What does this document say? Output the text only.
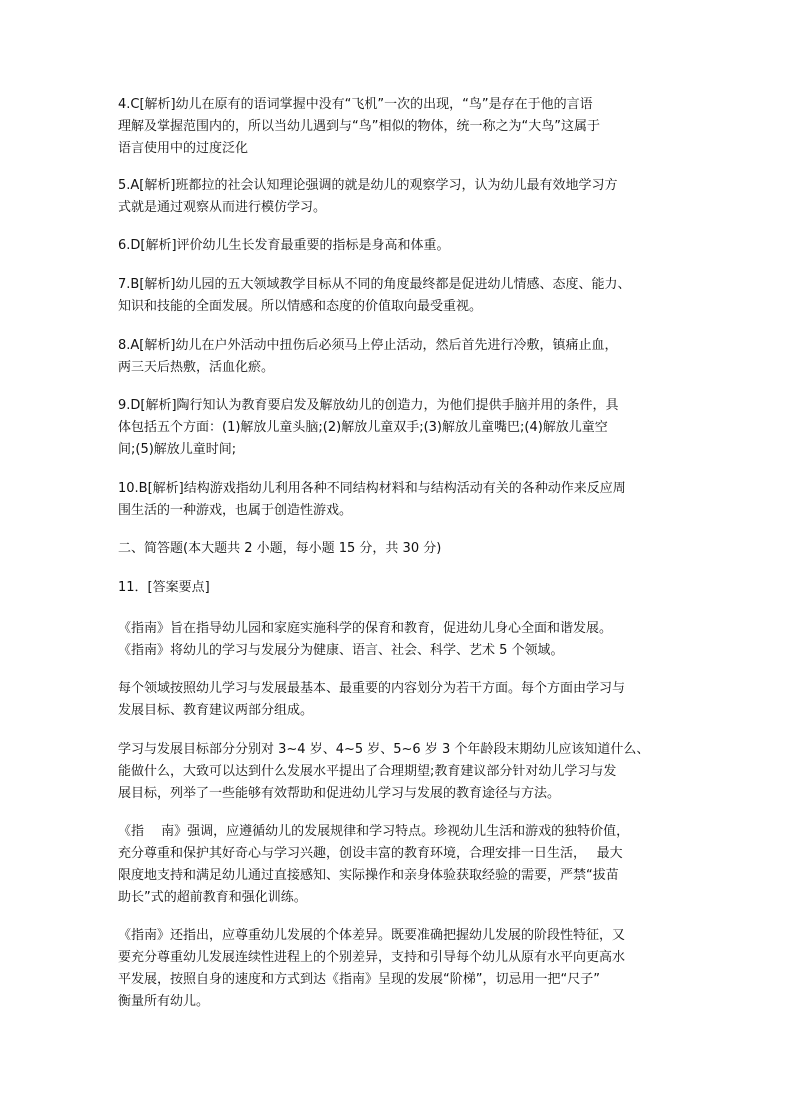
4.C[解析]幼儿在原有的语词掌握中没有“飞机”一次的出现，“鸟”是存在于他的言语
理解及掌握范围内的，所以当幼儿遇到与“鸟”相似的物体，统一称之为“大鸟”这属于
语言使用中的过度泛化
5.A[解析]班都拉的社会认知理论强调的就是幼儿的观察学习，认为幼儿最有效地学习方
式就是通过观察从而进行模仿学习。
6.D[解析]评价幼儿生长发育最重要的指标是身高和体重。
7.B[解析]幼儿园的五大领域教学目标从不同的角度最终都是促进幼儿情感、态度、能力、
知识和技能的全面发展。所以情感和态度的价值取向最受重视。
8.A[解析]幼儿在户外活动中扭伤后必须马上停止活动，然后首先进行冷敷，镇痛止血，
两三天后热敷，活血化瘀。
9.D[解析]陶行知认为教育要启发及解放幼儿的创造力，为他们提供手脑并用的条件，具
体包括五个方面：(1)解放儿童头脑;(2)解放儿童双手;(3)解放儿童嘴巴;(4)解放儿童空
间;(5)解放儿童时间;
10.B[解析]结构游戏指幼儿利用各种不同结构材料和与结构活动有关的各种动作来反应周
围生活的一种游戏，也属于创造性游戏。
二、简答题(本大题共 2 小题，每小题 15 分，共 30 分)
11．[答案要点]
《指南》旨在指导幼儿园和家庭实施科学的保育和教育，促进幼儿身心全面和谐发展。
《指南》将幼儿的学习与发展分为健康、语言、社会、科学、艺术 5 个领域。
每个领域按照幼儿学习与发展最基本、最重要的内容划分为若干方面。每个方面由学习与
发展目标、教育建议两部分组成。
学习与发展目标部分分别对 3~4 岁、4~5 岁、5~6 岁 3 个年龄段末期幼儿应该知道什么、
能做什么，大致可以达到什么发展水平提出了合理期望;教育建议部分针对幼儿学习与发
展目标，列举了一些能够有效帮助和促进幼儿学习与发展的教育途径与方法。
《指　 南》强调，应遵循幼儿的发展规律和学习特点。珍视幼儿生活和游戏的独特价值，
充分尊重和保护其好奇心与学习兴趣，创设丰富的教育环境，合理安排一日生活，　 最大
限度地支持和满足幼儿通过直接感知、实际操作和亲身体验获取经验的需要，严禁“拔苗
助长”式的超前教育和强化训练。
《指南》还指出，应尊重幼儿发展的个体差异。既要准确把握幼儿发展的阶段性特征，又
要充分尊重幼儿发展连续性进程上的个别差异，支持和引导每个幼儿从原有水平向更高水
平发展，按照自身的速度和方式到达《指南》呈现的发展“阶梯”，切忌用一把“尺子”
衡量所有幼儿。
